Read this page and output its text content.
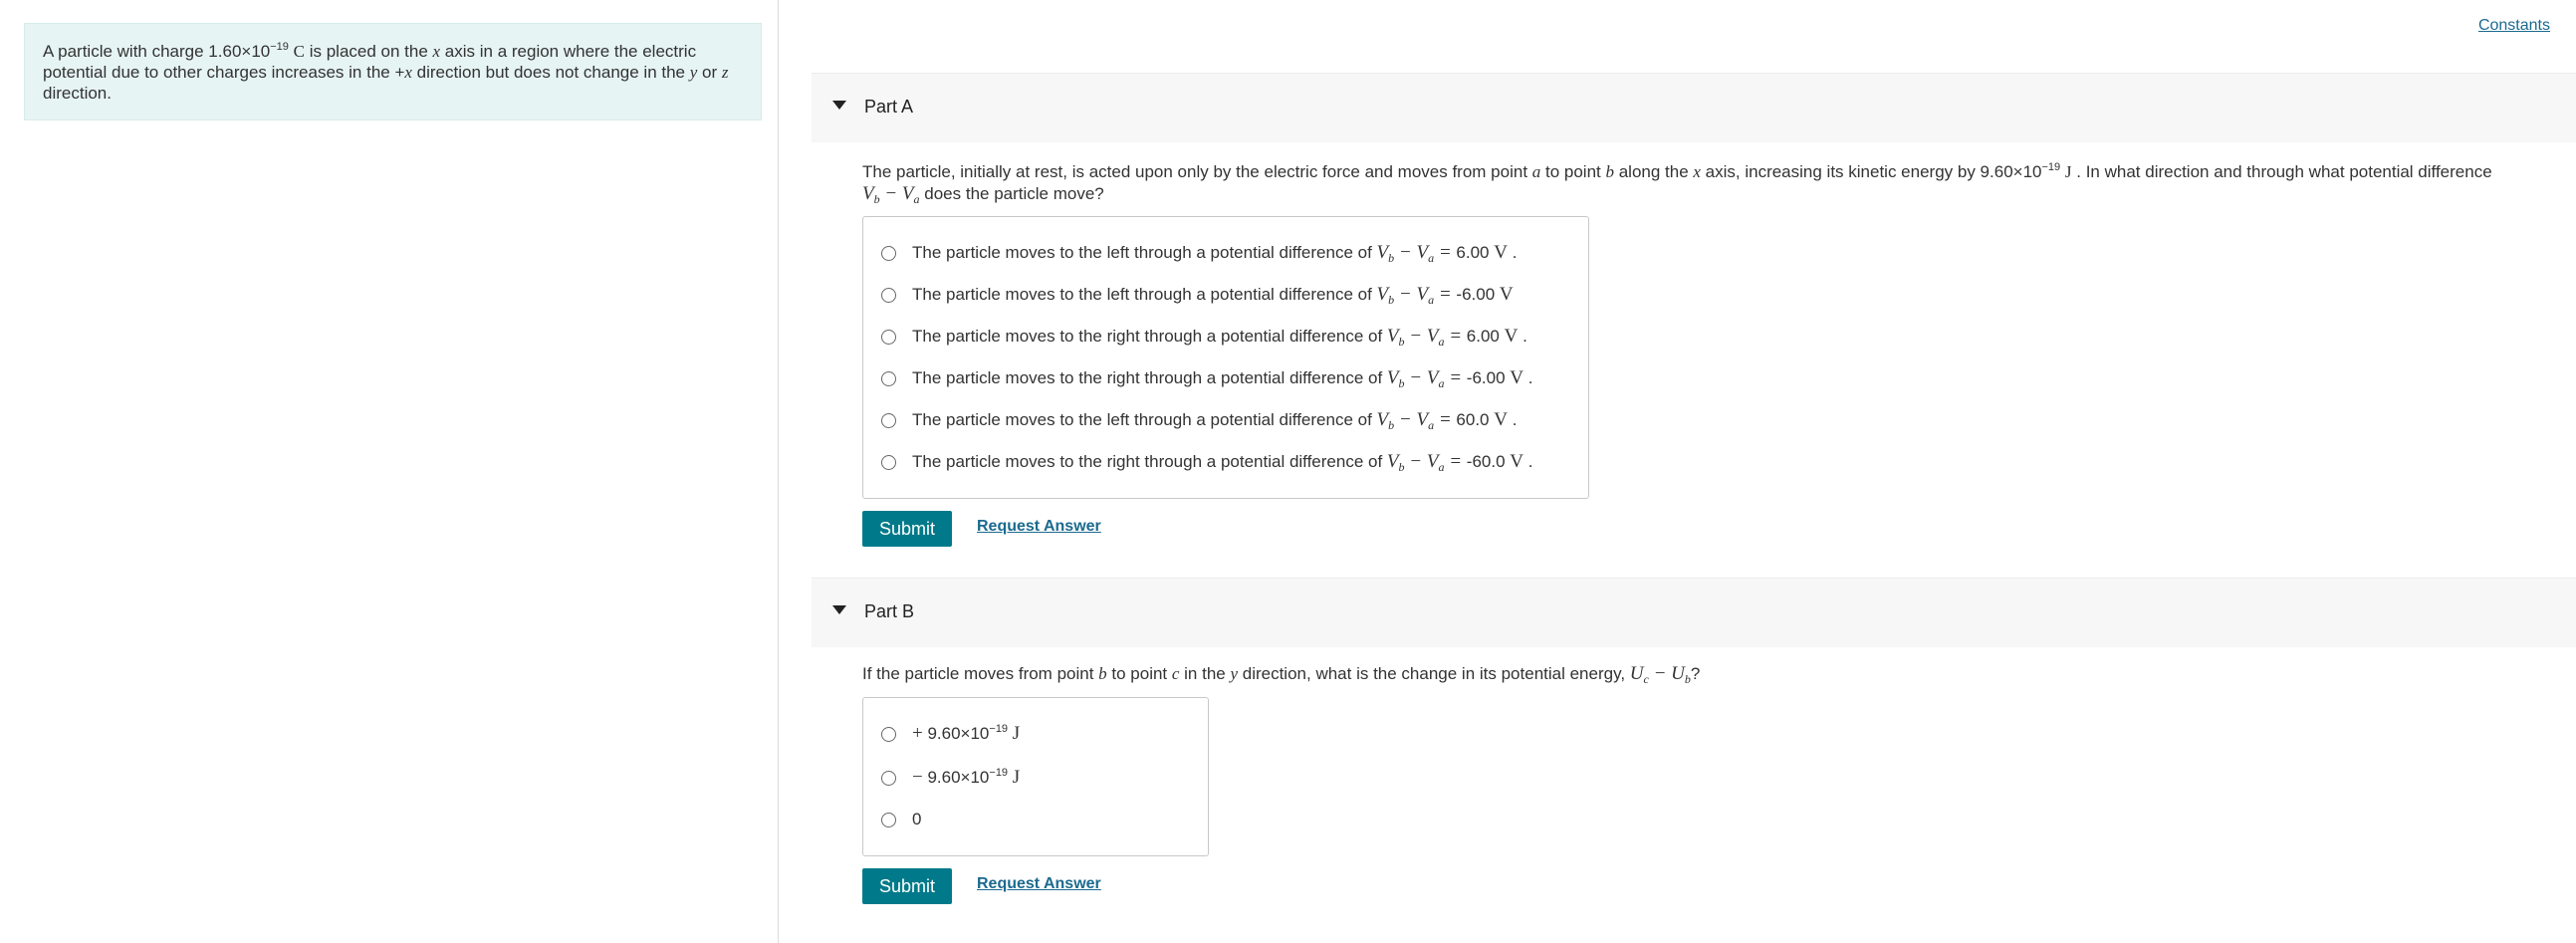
A particle with charge $1.60\times 10^{-19}$ C is placed on the x axis in a region where the electric potential due to other charges increases in the +x direction but does not change in the y or z direction.
Constants
Part A
The particle, initially at rest, is acted upon only by the electric force and moves from point a to point b along the x axis, increasing its kinetic energy by $9.60\times 10^{-19}$ J . In what direction and through what potential difference
$V_b - V_a$ does the particle move?
The particle moves to the left through a potential difference of $V_b - V_a = 6.00$ V .
The particle moves to the left through a potential difference of $V_b - V_a = -6.00$ V
The particle moves to the right through a potential difference of $V_b - V_a = 6.00$ V .
The particle moves to the right through a potential difference of $V_b - V_a = -6.00$ V .
The particle moves to the left through a potential difference of $V_b - V_a = 60.0$ V .
The particle moves to the right through a potential difference of $V_b - V_a = -60.0$ V .
Submit	Request Answer
Part B
If the particle moves from point b to point c in the y direction, what is the change in its potential energy, $U_c - U_b$?
+ $9.60\times 10^{-19}$ J
− $9.60\times 10^{-19}$ J
0
Submit	Request Answer
